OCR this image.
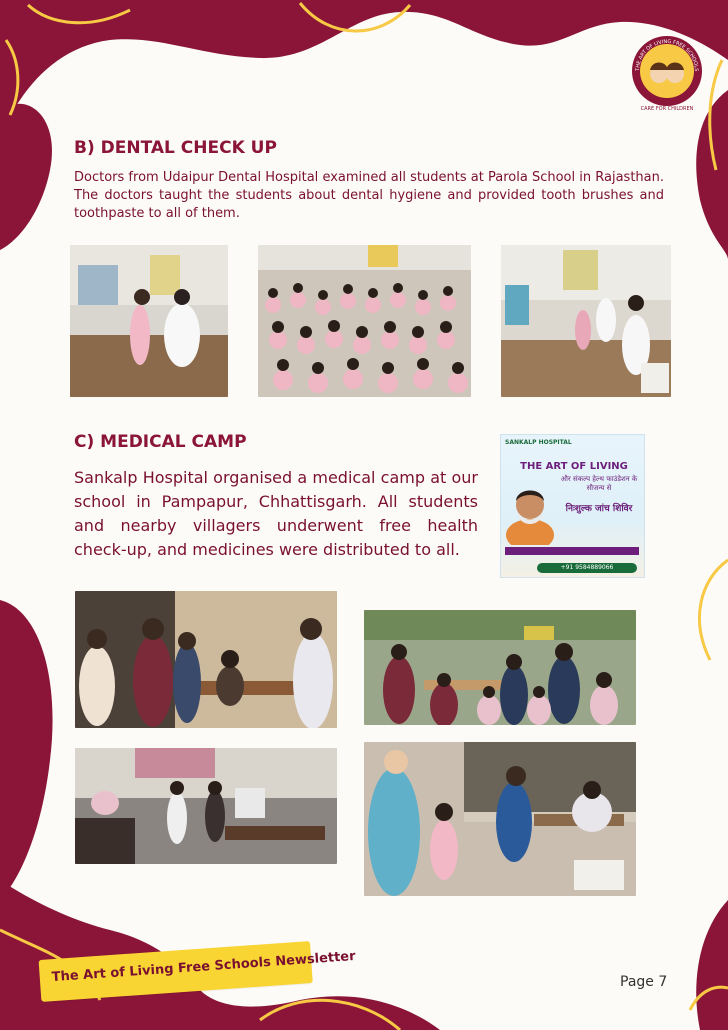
THE ART OF LIVING FREE SCHOOLS
CARE FOR CHILDREN
B) DENTAL CHECK UP

Doctors from Udaipur Dental Hospital examined all students at Parola School in Rajasthan. The doctors taught the students about dental hygiene and provided tooth brushes and toothpaste to all of them.

C) MEDICAL CAMP

Sankalp Hospital organised a medical camp at our school in Pampapur, Chhattisgarh. All students and nearby villagers underwent free health check-up, and medicines were distributed to all.

SANKALP HOSPITAL
THE ART OF LIVING
और संकल्प हेल्थ फाउंडेशन के सौजन्य से
निःशुल्क जांच शिविर
+91 9584889066
The Art of Living Free Schools Newsletter	Page 7
